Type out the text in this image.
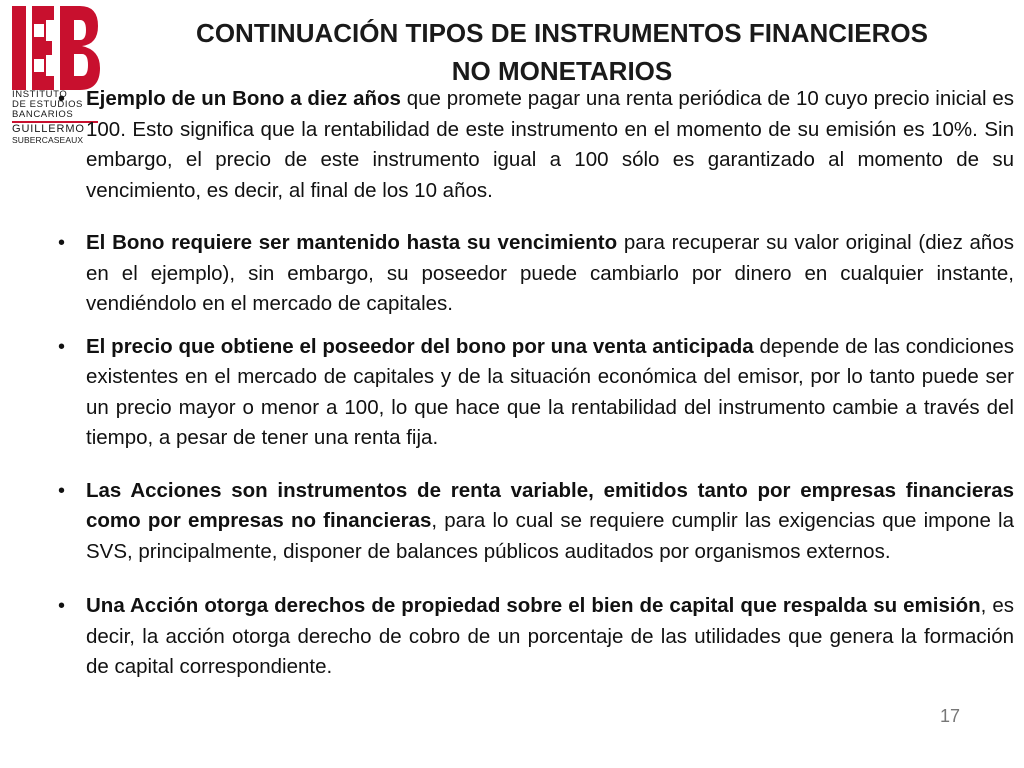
INSTITUTO
DE ESTUDIOS
BANCARIOS
GUILLERMO
SUBERCASEAUX
CONTINUACIÓN TIPOS DE INSTRUMENTOS FINANCIEROS
NO MONETARIOS
• Ejemplo de un Bono a diez años que promete pagar una renta periódica de 10 cuyo precio inicial es 100. Esto significa que la rentabilidad de este instrumento en el momento de su emisión es 10%. Sin embargo, el precio de este instrumento igual a 100 sólo es garantizado al momento de su vencimiento, es decir, al final de los 10 años.
• El Bono requiere ser mantenido hasta su vencimiento para recuperar su valor original (diez años en el ejemplo), sin embargo, su poseedor puede cambiarlo por dinero en cualquier instante, vendiéndolo en el mercado de capitales.
• El precio que obtiene el poseedor del bono por una venta anticipada depende de las condiciones existentes en el mercado de capitales y de la situación económica del emisor, por lo tanto puede ser un precio mayor o menor a 100, lo que hace que la rentabilidad del instrumento cambie a través del tiempo, a pesar de tener una renta fija.
• Las Acciones son instrumentos de renta variable, emitidos tanto por empresas financieras como por empresas no financieras, para lo cual se requiere cumplir las exigencias que impone la SVS, principalmente, disponer de balances públicos auditados por organismos externos.
• Una Acción otorga derechos de propiedad sobre el bien de capital que respalda su emisión, es decir, la acción otorga derecho de cobro de un porcentaje de las utilidades que genera la formación de capital correspondiente.
17
